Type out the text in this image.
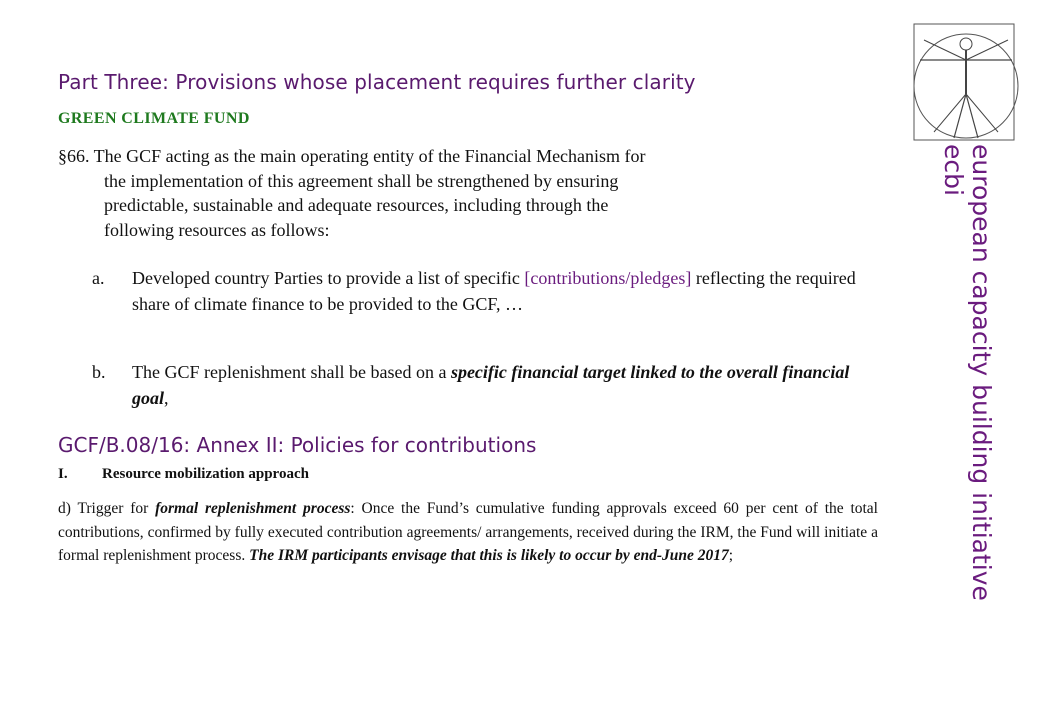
Part Three: Provisions whose placement requires further clarity
GREEN CLIMATE FUND
§66. The GCF acting as the main operating entity of the Financial Mechanism for
the implementation of this agreement shall be strengthened by ensuring
predictable, sustainable and adequate resources, including through the
following resources as follows:
a.	Developed country Parties to provide a list of specific [contributions/pledges] reflecting the required share of climate finance to be provided to the GCF, …
b.	The GCF replenishment shall be based on a specific financial target linked to the overall financial goal,
GCF/B.08/16: Annex II: Policies for contributions
I. Resource mobilization approach
d) Trigger for formal replenishment process: Once the Fund’s cumulative funding approvals exceed 60 per cent of the total contributions, confirmed by fully executed contribution agreements/ arrangements, received during the IRM, the Fund will initiate a formal replenishment process. The IRM participants envisage that this is likely to occur by end-June 2017;	european capacity building initiative
ecbi
